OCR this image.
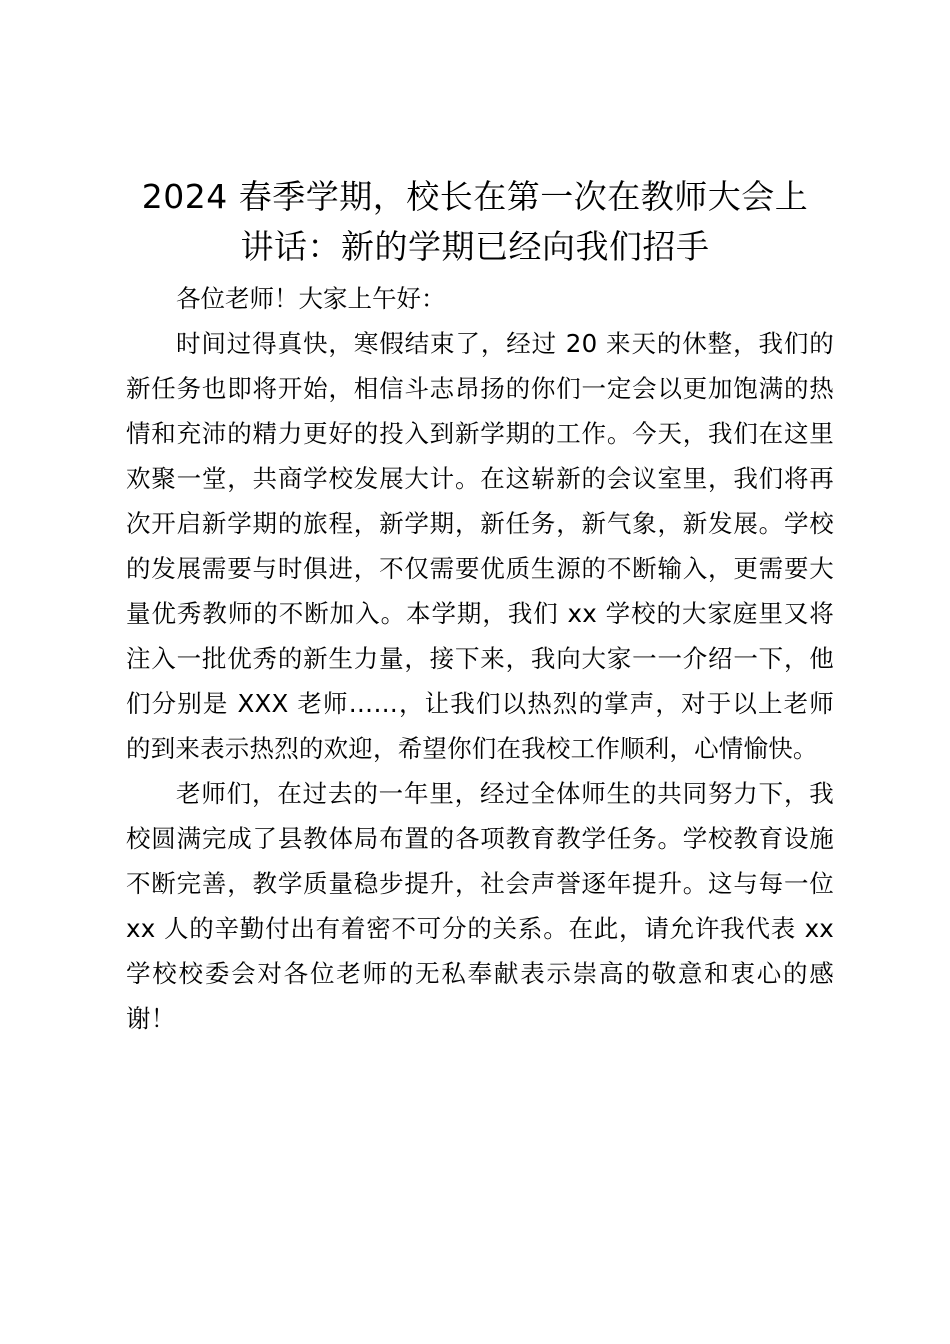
2024 春季学期，校长在第一次在教师大会上
讲话：新的学期已经向我们招手

各位老师！大家上午好：

时间过得真快，寒假结束了，经过 20 来天的休整，我们的新任务也即将开始，相信斗志昂扬的你们一定会以更加饱满的热情和充沛的精力更好的投入到新学期的工作。今天，我们在这里欢聚一堂，共商学校发展大计。在这崭新的会议室里，我们将再次开启新学期的旅程，新学期，新任务，新气象，新发展。学校的发展需要与时俱进，不仅需要优质生源的不断输入，更需要大量优秀教师的不断加入。本学期，我们 xx 学校的大家庭里又将注入一批优秀的新生力量，接下来，我向大家一一介绍一下，他们分别是 XXX 老师……，让我们以热烈的掌声，对于以上老师的到来表示热烈的欢迎，希望你们在我校工作顺利，心情愉快。

老师们，在过去的一年里，经过全体师生的共同努力下，我校圆满完成了县教体局布置的各项教育教学任务。学校教育设施不断完善，教学质量稳步提升，社会声誉逐年提升。这与每一位 xx 人的辛勤付出有着密不可分的关系。在此，请允许我代表 xx 学校校委会对各位老师的无私奉献表示崇高的敬意和衷心的感谢！
